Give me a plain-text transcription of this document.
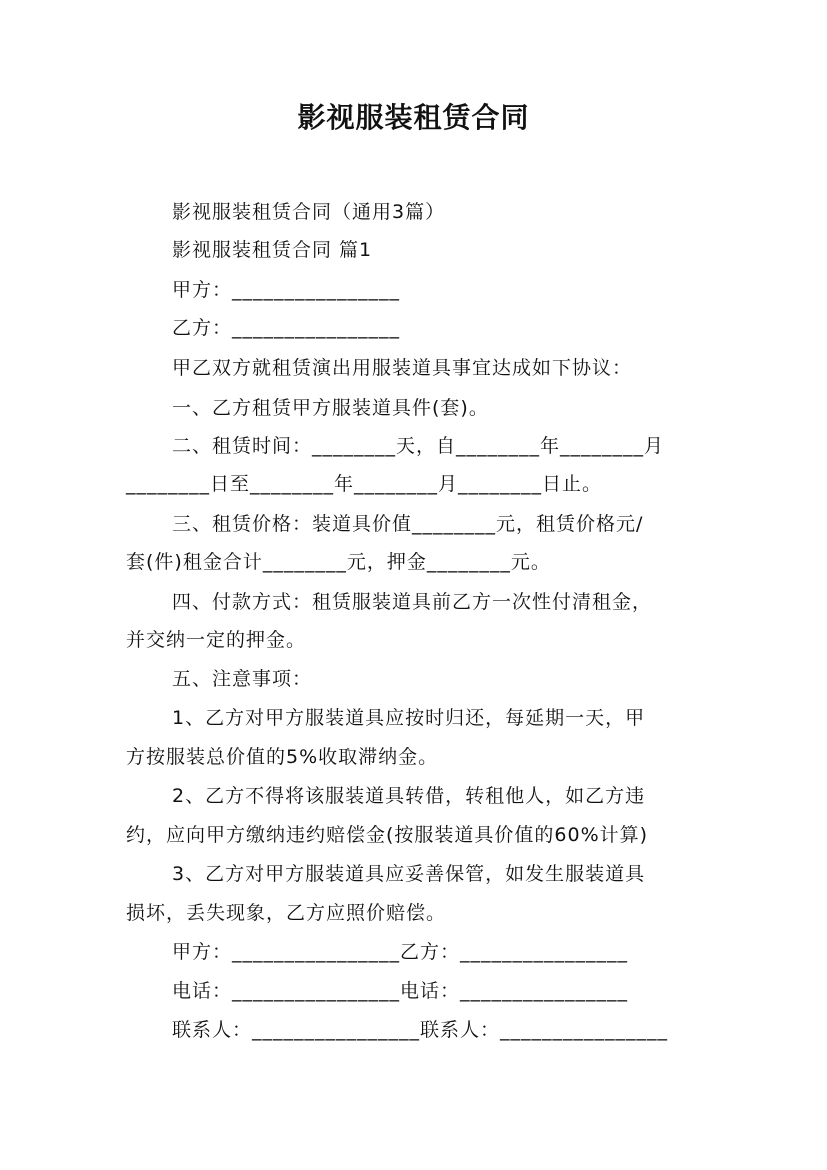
影视服装租赁合同
影视服装租赁合同（通用3篇）
影视服装租赁合同 篇1
甲方：________________
乙方：________________
甲乙双方就租赁演出用服装道具事宜达成如下协议：
一、乙方租赁甲方服装道具件(套)。
二、租赁时间：________天，自________年________月
________日至________年________月________日止。
三、租赁价格：装道具价值________元，租赁价格元/
套(件)租金合计________元，押金________元。
四、付款方式：租赁服装道具前乙方一次性付清租金，
并交纳一定的押金。
五、注意事项：
1、乙方对甲方服装道具应按时归还，每延期一天，甲
方按服装总价值的5%收取滞纳金。
2、乙方不得将该服装道具转借，转租他人，如乙方违
约，应向甲方缴纳违约赔偿金(按服装道具价值的60%计算)
3、乙方对甲方服装道具应妥善保管，如发生服装道具
损坏，丢失现象，乙方应照价赔偿。
甲方：________________乙方：________________
电话：________________电话：________________
联系人：________________联系人：________________
